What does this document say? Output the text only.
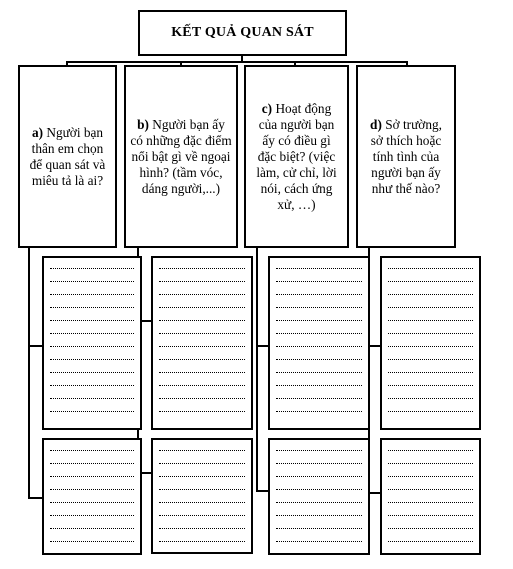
KẾT QUẢ QUAN SÁT
a) Người bạn thân em chọn để quan sát và miêu tả là ai?
b) Người bạn ấy có những đặc điểm nổi bật gì về ngoại hình? (tầm vóc, dáng người,...)
c) Hoạt động của người bạn ấy có điều gì đặc biệt? (việc làm, cử chỉ, lời nói, cách ứng xử, …)
d) Sở trường, sở thích hoặc tính tình của người bạn ấy như thế nào?
